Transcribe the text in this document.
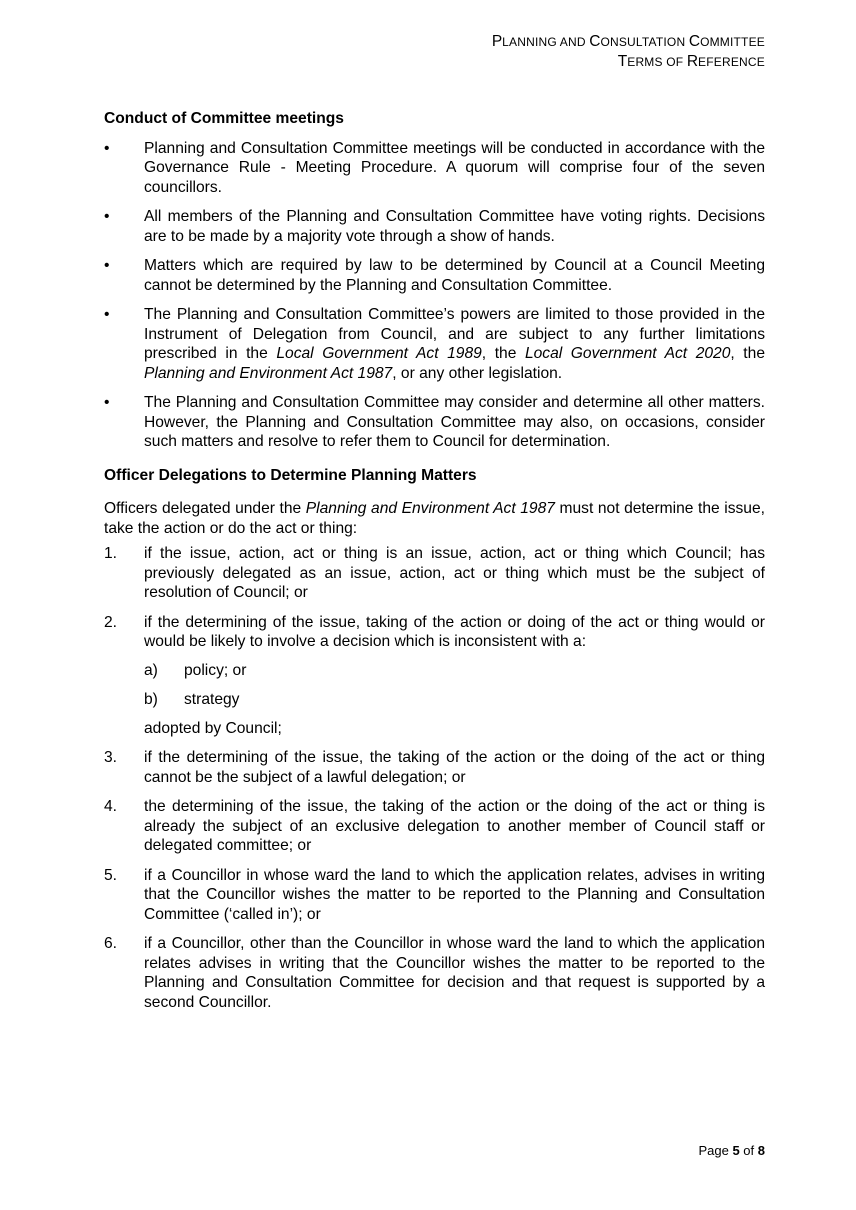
PLANNING AND CONSULTATION COMMITTEE
TERMS OF REFERENCE
Conduct of Committee meetings
• Planning and Consultation Committee meetings will be conducted in accordance with the Governance Rule - Meeting Procedure. A quorum will comprise four of the seven councillors.
• All members of the Planning and Consultation Committee have voting rights. Decisions are to be made by a majority vote through a show of hands.
• Matters which are required by law to be determined by Council at a Council Meeting cannot be determined by the Planning and Consultation Committee.
• The Planning and Consultation Committee’s powers are limited to those provided in the Instrument of Delegation from Council, and are subject to any further limitations prescribed in the Local Government Act 1989, the Local Government Act 2020, the Planning and Environment Act 1987, or any other legislation.
• The Planning and Consultation Committee may consider and determine all other matters. However, the Planning and Consultation Committee may also, on occasions, consider such matters and resolve to refer them to Council for determination.
Officer Delegations to Determine Planning Matters
Officers delegated under the Planning and Environment Act 1987 must not determine the issue, take the action or do the act or thing:
1. if the issue, action, act or thing is an issue, action, act or thing which Council; has previously delegated as an issue, action, act or thing which must be the subject of resolution of Council; or
2. if the determining of the issue, taking of the action or doing of the act or thing would or would be likely to involve a decision which is inconsistent with a:
a) policy; or
b) strategy
adopted by Council;
3. if the determining of the issue, the taking of the action or the doing of the act or thing cannot be the subject of a lawful delegation; or
4. the determining of the issue, the taking of the action or the doing of the act or thing is already the subject of an exclusive delegation to another member of Council staff or delegated committee; or
5. if a Councillor in whose ward the land to which the application relates, advises in writing that the Councillor wishes the matter to be reported to the Planning and Consultation Committee (‘called in’); or
6. if a Councillor, other than the Councillor in whose ward the land to which the application relates advises in writing that the Councillor wishes the matter to be reported to the Planning and Consultation Committee for decision and that request is supported by a second Councillor.
Page 5 of 8
